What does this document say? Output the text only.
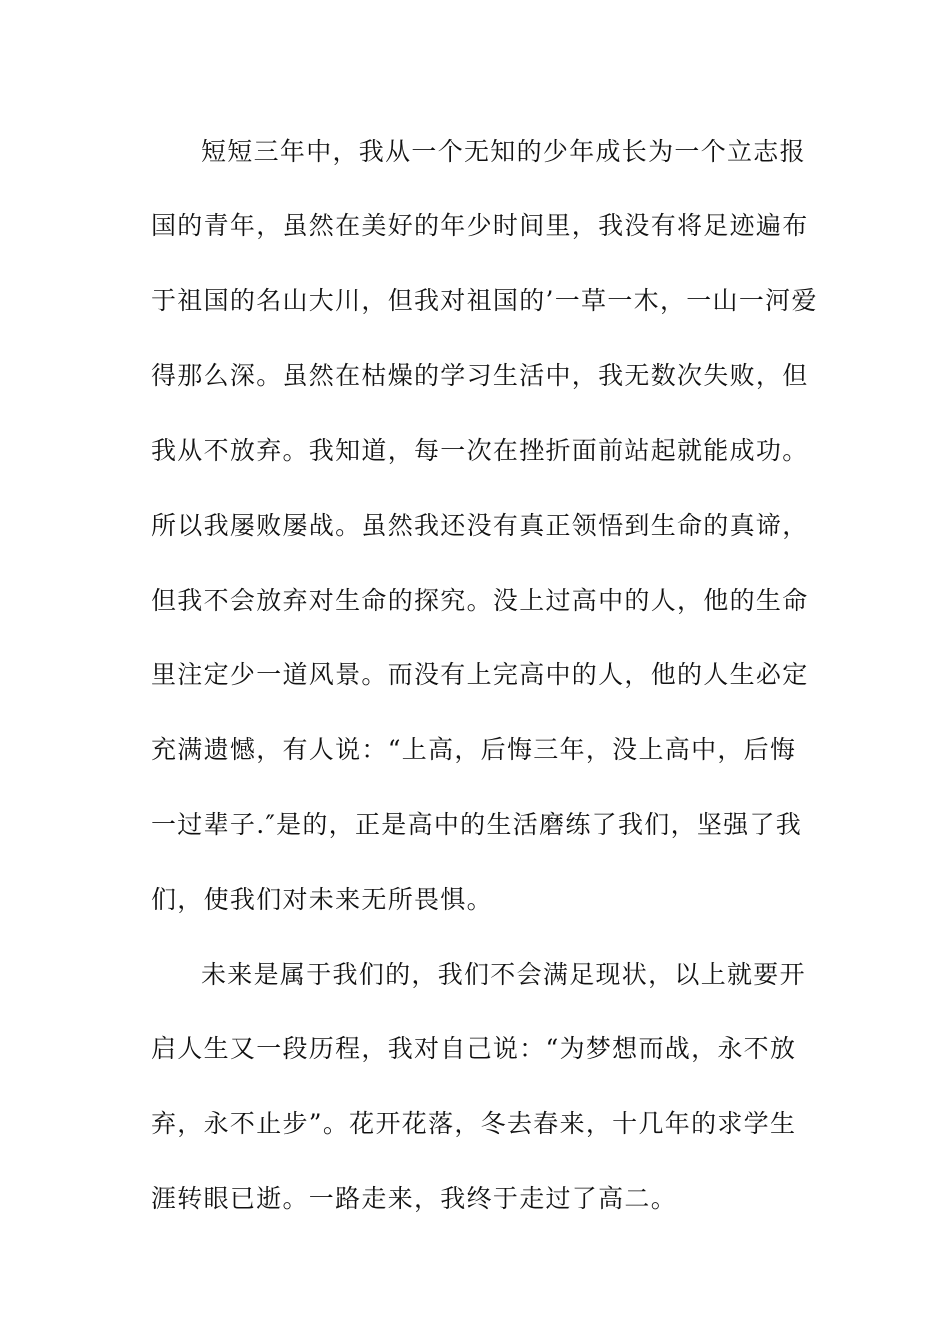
短短三年中，我从一个无知的少年成长为一个立志报
国的青年，虽然在美好的年少时间里，我没有将足迹遍布
于祖国的名山大川，但我对祖国的’一草一木，一山一河爱
得那么深。虽然在枯燥的学习生活中，我无数次失败，但
我从不放弃。我知道，每一次在挫折面前站起就能成功。
所以我屡败屡战。虽然我还没有真正领悟到生命的真谛，
但我不会放弃对生命的探究。没上过高中的人，他的生命
里注定少一道风景。而没有上完高中的人，他的人生必定
充满遗憾，有人说：“上高，后悔三年，没上高中，后悔
一过辈子.″是的，正是高中的生活磨练了我们，坚强了我
们，使我们对未来无所畏惧。
未来是属于我们的，我们不会满足现状，以上就要开
启人生又一段历程，我对自己说：“为梦想而战，永不放
弃，永不止步”。花开花落，冬去春来，十几年的求学生
涯转眼已逝。一路走来，我终于走过了高二。
